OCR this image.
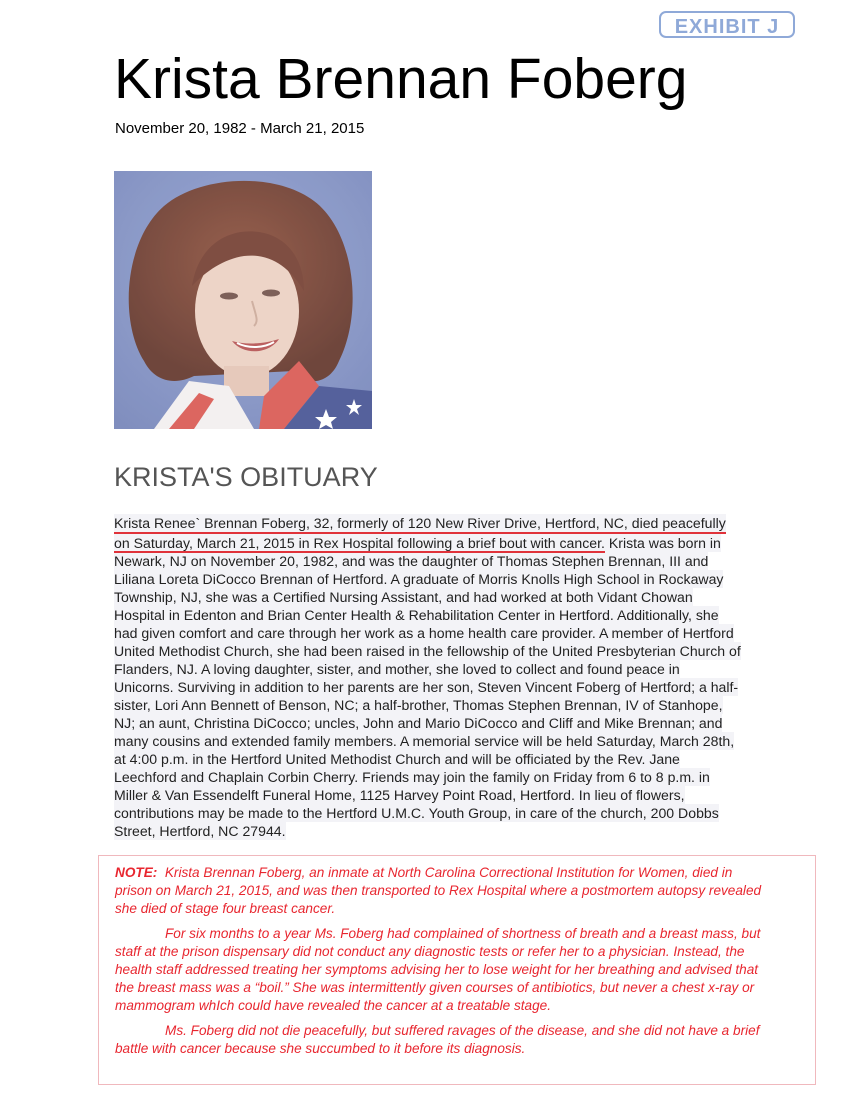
EXHIBIT J
Krista Brennan Foberg
November 20, 1982 - March 21, 2015
KRISTA'S OBITUARY
Krista Renee` Brennan Foberg, 32, formerly of 120 New River Drive, Hertford, NC, died peacefully
on Saturday, March 21, 2015 in Rex Hospital following a brief bout with cancer. Krista was born in
Newark, NJ on November 20, 1982, and was the daughter of Thomas Stephen Brennan, III and
Liliana Loreta DiCocco Brennan of Hertford. A graduate of Morris Knolls High School in Rockaway
Township, NJ, she was a Certified Nursing Assistant, and had worked at both Vidant Chowan
Hospital in Edenton and Brian Center Health & Rehabilitation Center in Hertford. Additionally, she
had given comfort and care through her work as a home health care provider. A member of Hertford
United Methodist Church, she had been raised in the fellowship of the United Presbyterian Church of
Flanders, NJ. A loving daughter, sister, and mother, she loved to collect and found peace in
Unicorns. Surviving in addition to her parents are her son, Steven Vincent Foberg of Hertford; a half-
sister, Lori Ann Bennett of Benson, NC; a half-brother, Thomas Stephen Brennan, IV of Stanhope,
NJ; an aunt, Christina DiCocco; uncles, John and Mario DiCocco and Cliff and Mike Brennan; and
many cousins and extended family members. A memorial service will be held Saturday, March 28th,
at 4:00 p.m. in the Hertford United Methodist Church and will be officiated by the Rev. Jane
Leechford and Chaplain Corbin Cherry. Friends may join the family on Friday from 6 to 8 p.m. in
Miller & Van Essendelft Funeral Home, 1125 Harvey Point Road, Hertford. In lieu of flowers,
contributions may be made to the Hertford U.M.C. Youth Group, in care of the church, 200 Dobbs
Street, Hertford, NC 27944.

NOTE:  Krista Brennan Foberg, an inmate at North Carolina Correctional Institution for Women, died in
prison on March 21, 2015, and was then transported to Rex Hospital where a postmortem autopsy revealed
she died of stage four breast cancer.

For six months to a year Ms. Foberg had complained of shortness of breath and a breast mass, but
staff at the prison dispensary did not conduct any diagnostic tests or refer her to a physician. Instead, the
health staff addressed treating her symptoms advising her to lose weight for her breathing and advised that
the breast mass was a “boil.” She was intermittently given courses of antibiotics, but never a chest x-ray or
mammogram whIch could have revealed the cancer at a treatable stage.

Ms. Foberg did not die peacefully, but suffered ravages of the disease, and she did not have a brief
battle with cancer because she succumbed to it before its diagnosis.
